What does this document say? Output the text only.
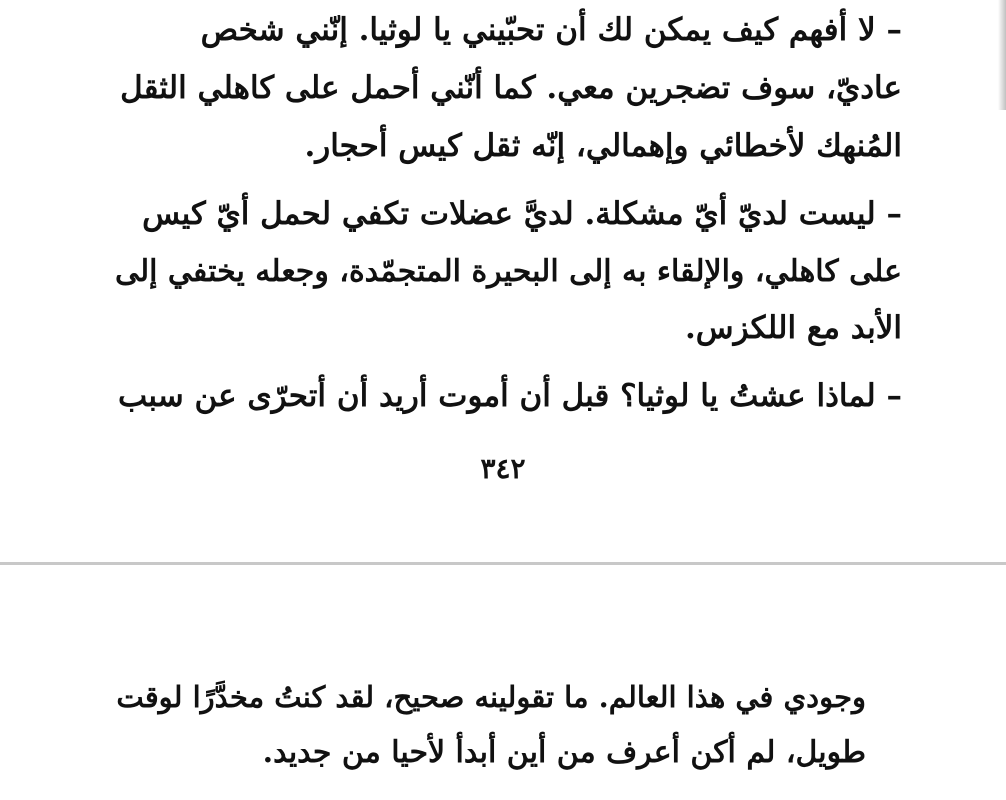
– لا أفهم كيف يمكن لك أن تحبّيني يا لوثيا. إنّني شخص
عاديّ، سوف تضجرين معي. كما أنّني أحمل على كاهلي الثقل
المُنهك لأخطائي وإهمالي، إنّه ثقل كيس أحجار.
– ليست لديّ أيّ مشكلة. لديَّ عضلات تكفي لحمل أيّ كيس
على كاهلي، والإلقاء به إلى البحيرة المتجمّدة، وجعله يختفي إلى
الأبد مع اللكزس.
– لماذا عشتُ يا لوثيا؟ قبل أن أموت أريد أن أتحرّى عن سبب
٣٤٢
وجودي في هذا العالم. ما تقولينه صحيح، لقد كنتُ مخدَّرًا لوقت
طويل، لم أكن أعرف من أين أبدأ لأحيا من جديد.
